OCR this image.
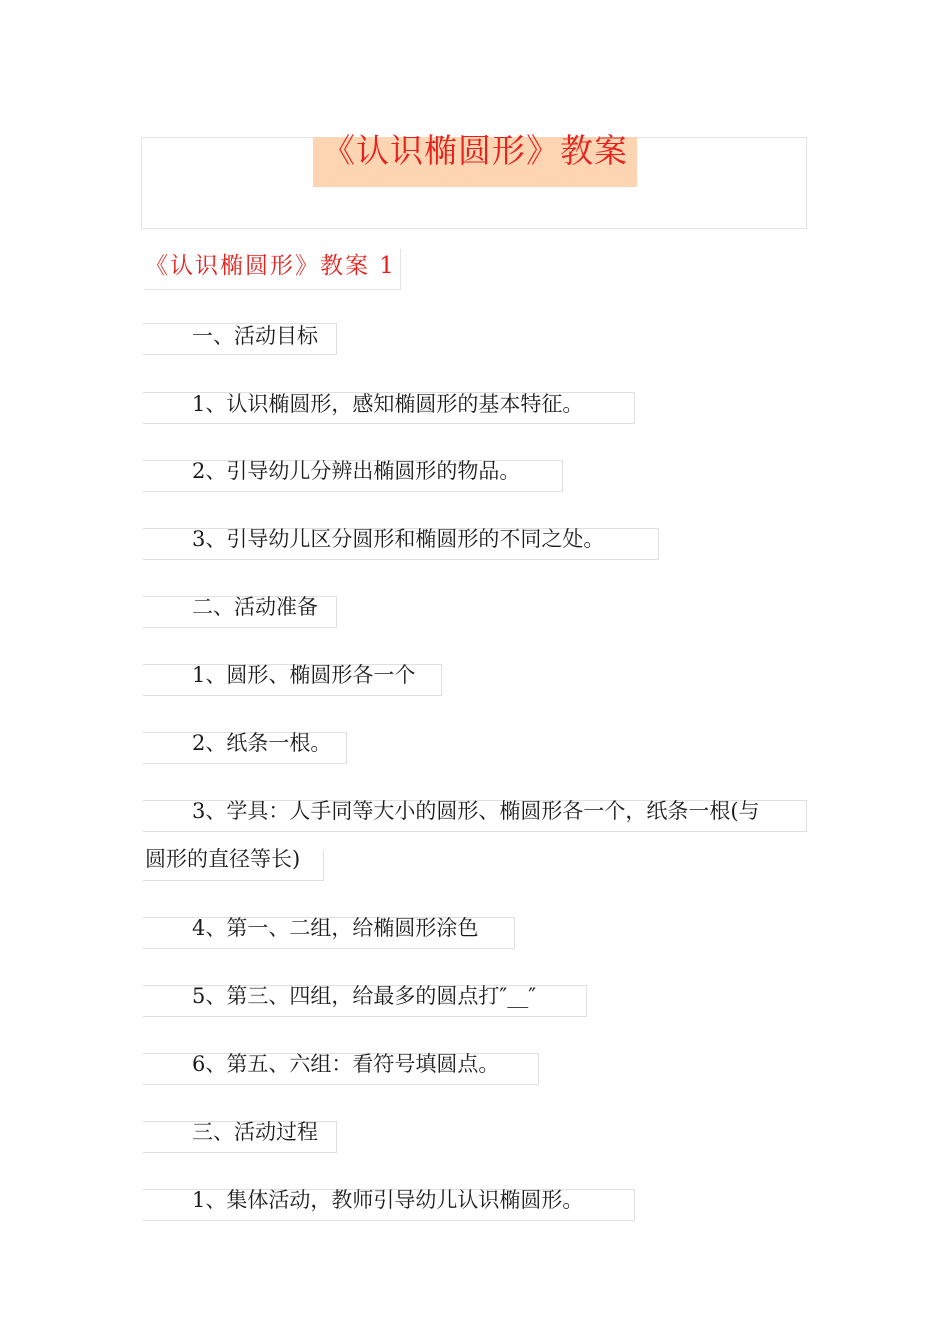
《认识椭圆形》教案
《认识椭圆形》教案 1
一、活动目标
1、认识椭圆形，感知椭圆形的基本特征。
2、引导幼儿分辨出椭圆形的物品。
3、引导幼儿区分圆形和椭圆形的不同之处。
二、活动准备
1、圆形、椭圆形各一个
2、纸条一根。
3、学具：人手同等大小的圆形、椭圆形各一个，纸条一根(与
圆形的直径等长)
4、第一、二组，给椭圆形涂色
5、第三、四组，给最多的圆点打″__″
6、第五、六组：看符号填圆点。
三、活动过程
1、集体活动，教师引导幼儿认识椭圆形。
